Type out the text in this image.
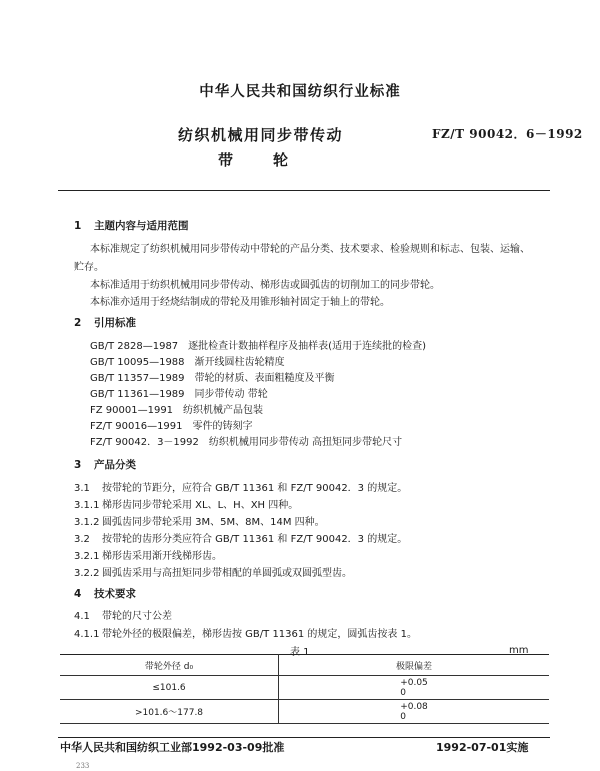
中华人民共和国纺织行业标准
纺织机械用同步带传动	FZ/T 90042．6－1992
带	轮
1 主题内容与适用范围
本标准规定了纺织机械用同步带传动中带轮的产品分类、技术要求、检验规则和标志、包装、运输、
贮存。
本标准适用于纺织机械用同步带传动、梯形齿或圆弧齿的切削加工的同步带轮。
本标准亦适用于经烧结制成的带轮及用锥形轴衬固定于轴上的带轮。
2 引用标准
GB/T 2828—1987 逐批检查计数抽样程序及抽样表(适用于连续批的检查)
GB/T 10095—1988 渐开线圆柱齿轮精度
GB/T 11357—1989 带轮的材质、表面粗糙度及平衡
GB/T 11361—1989 同步带传动 带轮
FZ 90001—1991 纺织机械产品包装
FZ/T 90016—1991 零件的铸刻字
FZ/T 90042．3－1992 纺织机械用同步带传动 高扭矩同步带轮尺寸
3 产品分类
3.1 按带轮的节距分，应符合 GB/T 11361 和 FZ/T 90042．3 的规定。
3.1.1 梯形齿同步带轮采用 XL、L、H、XH 四种。
3.1.2 圆弧齿同步带轮采用 3M、5M、8M、14M 四种。
3.2 按带轮的齿形分类应符合 GB/T 11361 和 FZ/T 90042．3 的规定。
3.2.1 梯形齿采用渐开线梯形齿。
3.2.2 圆弧齿采用与高扭矩同步带相配的单圆弧或双圆弧型齿。
4 技术要求
4.1 带轮的尺寸公差
4.1.1 带轮外径的极限偏差，梯形齿按 GB/T 11361 的规定，圆弧齿按表 1。
表 1	mm
带轮外径 d₀	极限偏差
≤101.6	+0.05
0
>101.6～177.8	+0.08
0
中华人民共和国纺织工业部1992-03-09批准	1992-07-01实施
233
